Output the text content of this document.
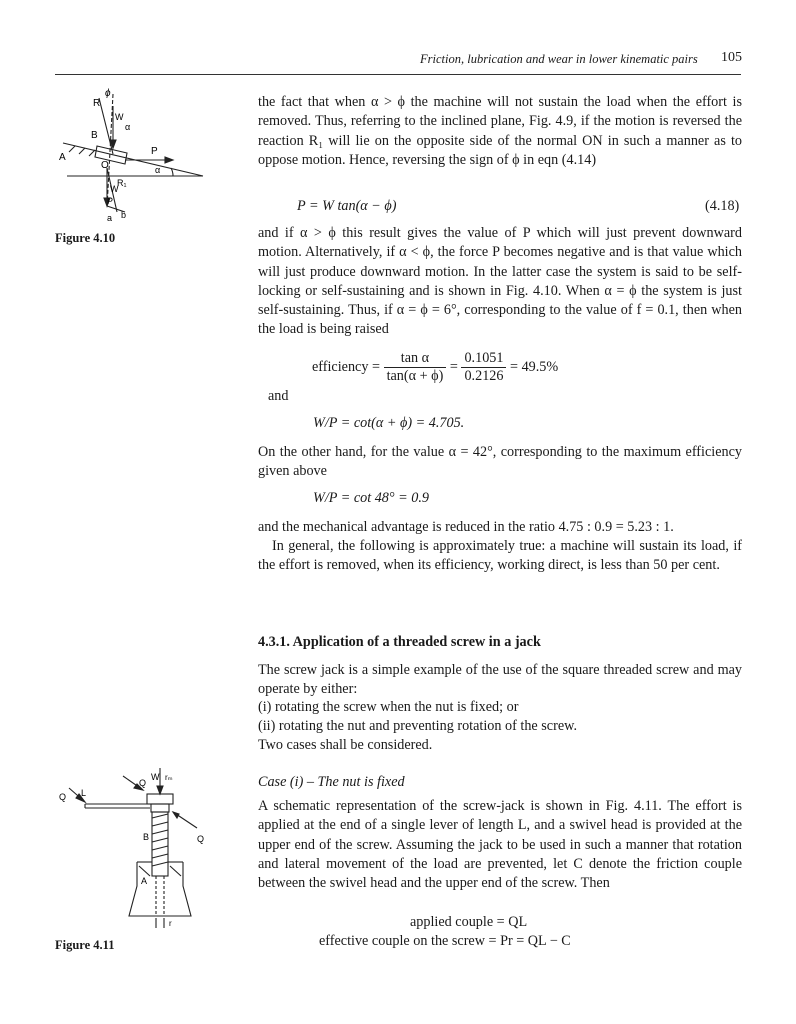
Friction, lubrication and wear in lower kinematic pairs 105
R
ϕ
W
α
B
P
A
O	α
R₁
W
P
a b
Figure 4.10
Q
L
W rₘ
Q
B	Q
A
r
Figure 4.11
the fact that when α > ϕ the machine will not sustain the load when the effort is removed. Thus, referring to the inclined plane, Fig. 4.9, if the motion is reversed the reaction R₁ will lie on the opposite side of the normal ON in such a manner as to oppose motion. Hence, reversing the sign of ϕ in eqn (4.14)
P = W tan(α − ϕ)	(4.18)
and if α > ϕ this result gives the value of P which will just prevent downward motion. Alternatively, if α < ϕ, the force P becomes negative and is that value which will just produce downward motion. In the latter case the system is said to be self-locking or self-sustaining and is shown in Fig. 4.10. When α = ϕ the system is just self-sustaining. Thus, if α = ϕ = 6°, corresponding to the value of f = 0.1, then when the load is being raised
efficiency = $\frac{\text{tan α}}{\tan(\alpha + \phi)} = \frac{0.1051}{0.2126} = 49.5\%$
and
W/P = cot(α + ϕ) = 4.705.
On the other hand, for the value α = 42°, corresponding to the maximum efficiency given above
W/P = cot 48° = 0.9
and the mechanical advantage is reduced in the ratio 4.75 : 0.9 = 5.23 : 1.
In general, the following is approximately true: a machine will sustain its load, if the effort is removed, when its efficiency, working direct, is less than 50 per cent.
4.3.1. Application of a threaded screw in a jack
The screw jack is a simple example of the use of the square threaded screw and may operate by either:
(i) rotating the screw when the nut is fixed; or
(ii) rotating the nut and preventing rotation of the screw.
Two cases shall be considered.
Case (i) – The nut is fixed
A schematic representation of the screw-jack is shown in Fig. 4.11. The effort is applied at the end of a single lever of length L, and a swivel head is provided at the upper end of the screw. Assuming the jack to be used in such a manner that rotation and lateral movement of the load are prevented, let C denote the friction couple between the swivel head and the upper end of the screw. Then
applied couple = QL
effective couple on the screw = Pr = QL − C
